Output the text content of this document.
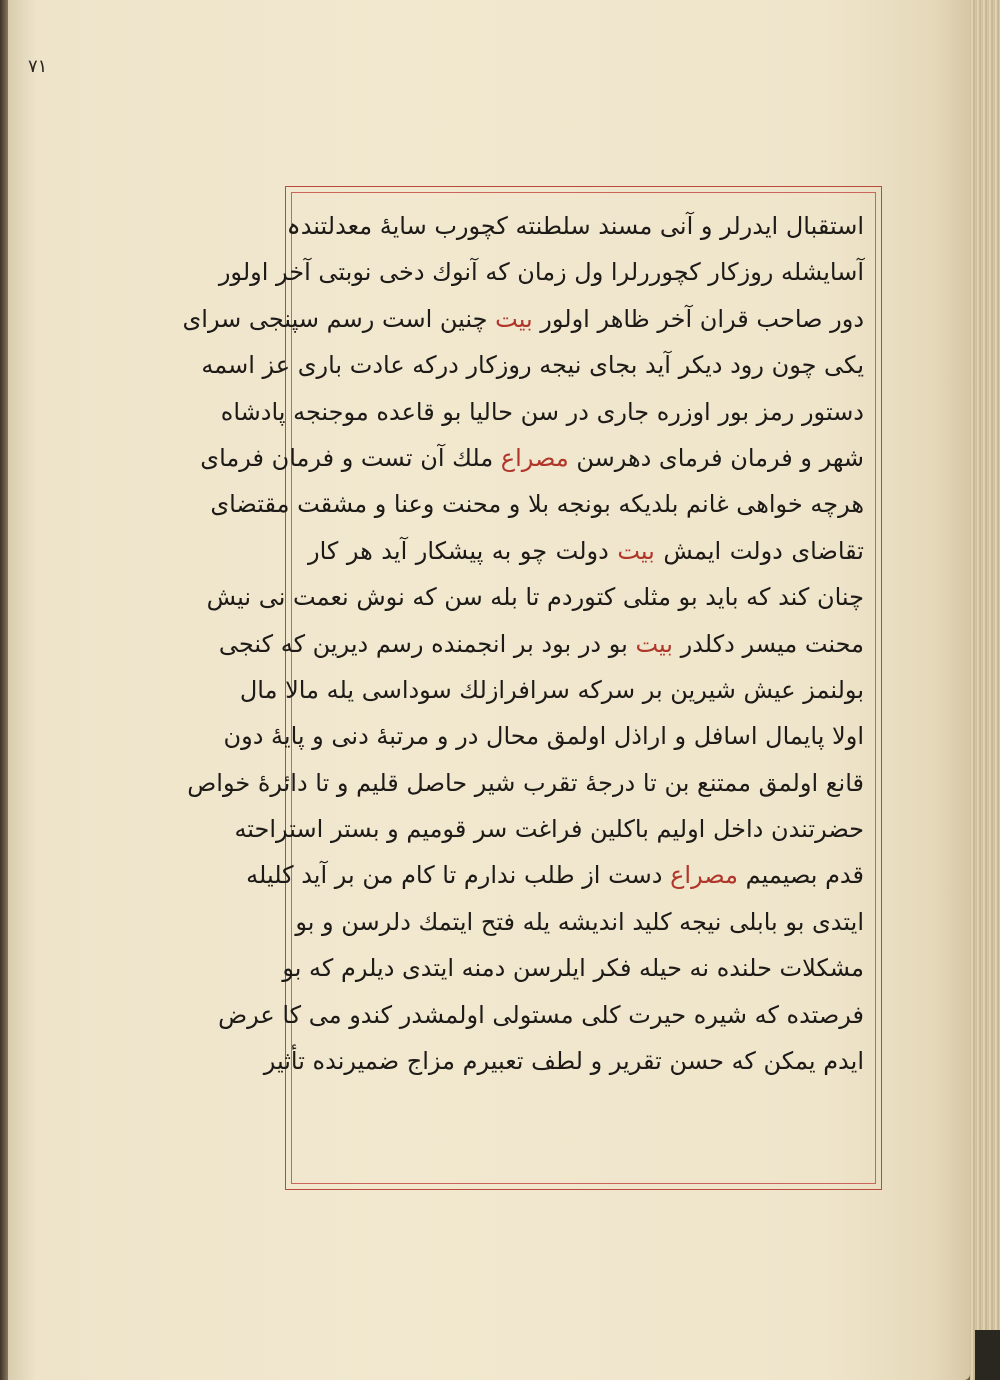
٧١

استقبال ایدرلر و آنی مسند سلطنته کچورب سایهٔ معدلتندہ
آسایشله روزکار کچوررلرا ول زمان که آنوك دخی نوبتی آخر اولور
دور صاحب قران آخر ظاهر اولور بیت چنین است رسم سپنجی سرای
یکی چون رود دیکر آید بجای نیجه روزکار درکه عادت باری عز اسمه
دستور رمز بور اوزره جاری در سن حالیا بو قاعده موجنجه پادشاه
شهر و فرمان فرمای دهرسن مصراع ملك آن تست و فرمان فرمای
هرچه خواهی غانم بلدیکه بونجه بلا و محنت وعنا و مشقت مقتضای
تقاضای دولت ایمش بیت دولت چو به پیشکار آید هر کار
چنان کند که باید بو مثلی کتوردم تا بله سن که نوش نعمت نی نیش
محنت میسر دکلدر بیت بو در بود بر انجمنده رسم دیرین که کنجی
بولنمز عیش شیرین بر سرکه سرافرازلك سوداسی یله مالا مال
اولا پایمال اسافل و اراذل اولمق محال در و مرتبهٔ دنی و پایهٔ دون
قانع اولمق ممتنع بن تا درجهٔ تقرب شیر حاصل قلیم و تا دائرهٔ خواص
حضرتندن داخل اولیم باکلین فراغت سر قومیم و بستر استراحته
قدم بصیمیم مصراع دست از طلب ندارم تا کام من بر آید کلیله
ایتدی بو بابلی نیجه کلید اندیشه یله فتح ایتمك دلرسن و بو
مشکلات حلنده نه حیله فکر ایلرسن دمنه ایتدی دیلرم که بو
فرصتده که شیره حیرت کلی مستولی اولمشدر کندو می کا عرض
ایدم یمکن که حسن تقریر و لطف تعبیرم مزاج ضمیرنده تأثیر
